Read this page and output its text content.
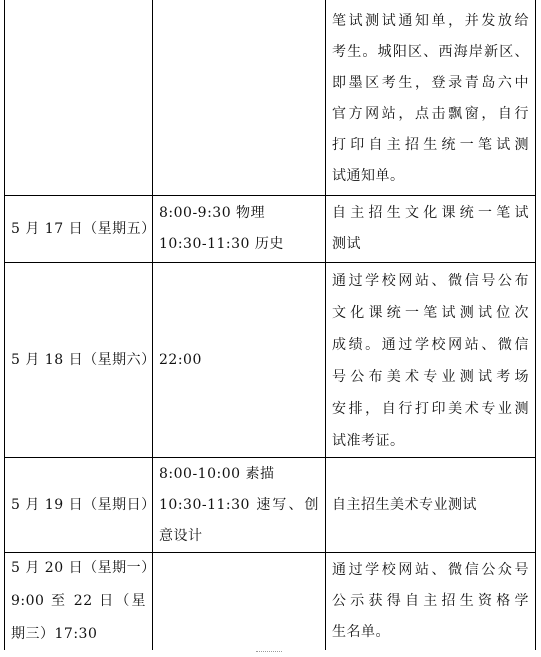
笔试测试通知单，并发放给
考生。城阳区、西海岸新区、
即墨区考生，登录青岛六中
官方网站，点击飘窗，自行
打印自主招生统一笔试测
试通知单。
5 月 17 日（星期五）
8:00-9:30 物理
10:30-11:30 历史
自主招生文化课统一笔试
测试
5 月 18 日（星期六） 22:00
通过学校网站、微信号公布
文化课统一笔试测试位次
成绩。通过学校网站、微信
号公布美术专业测试考场
安排，自行打印美术专业测
试准考证。
5 月 19 日（星期日）
8:00-10:00 素描
10:30-11:30 速写、创
意设计
自主招生美术专业测试
5 月 20 日（星期一）
9:00 至 22 日（星
期三）17:30
通过学校网站、微信公众号
公示获得自主招生资格学
生名单。
